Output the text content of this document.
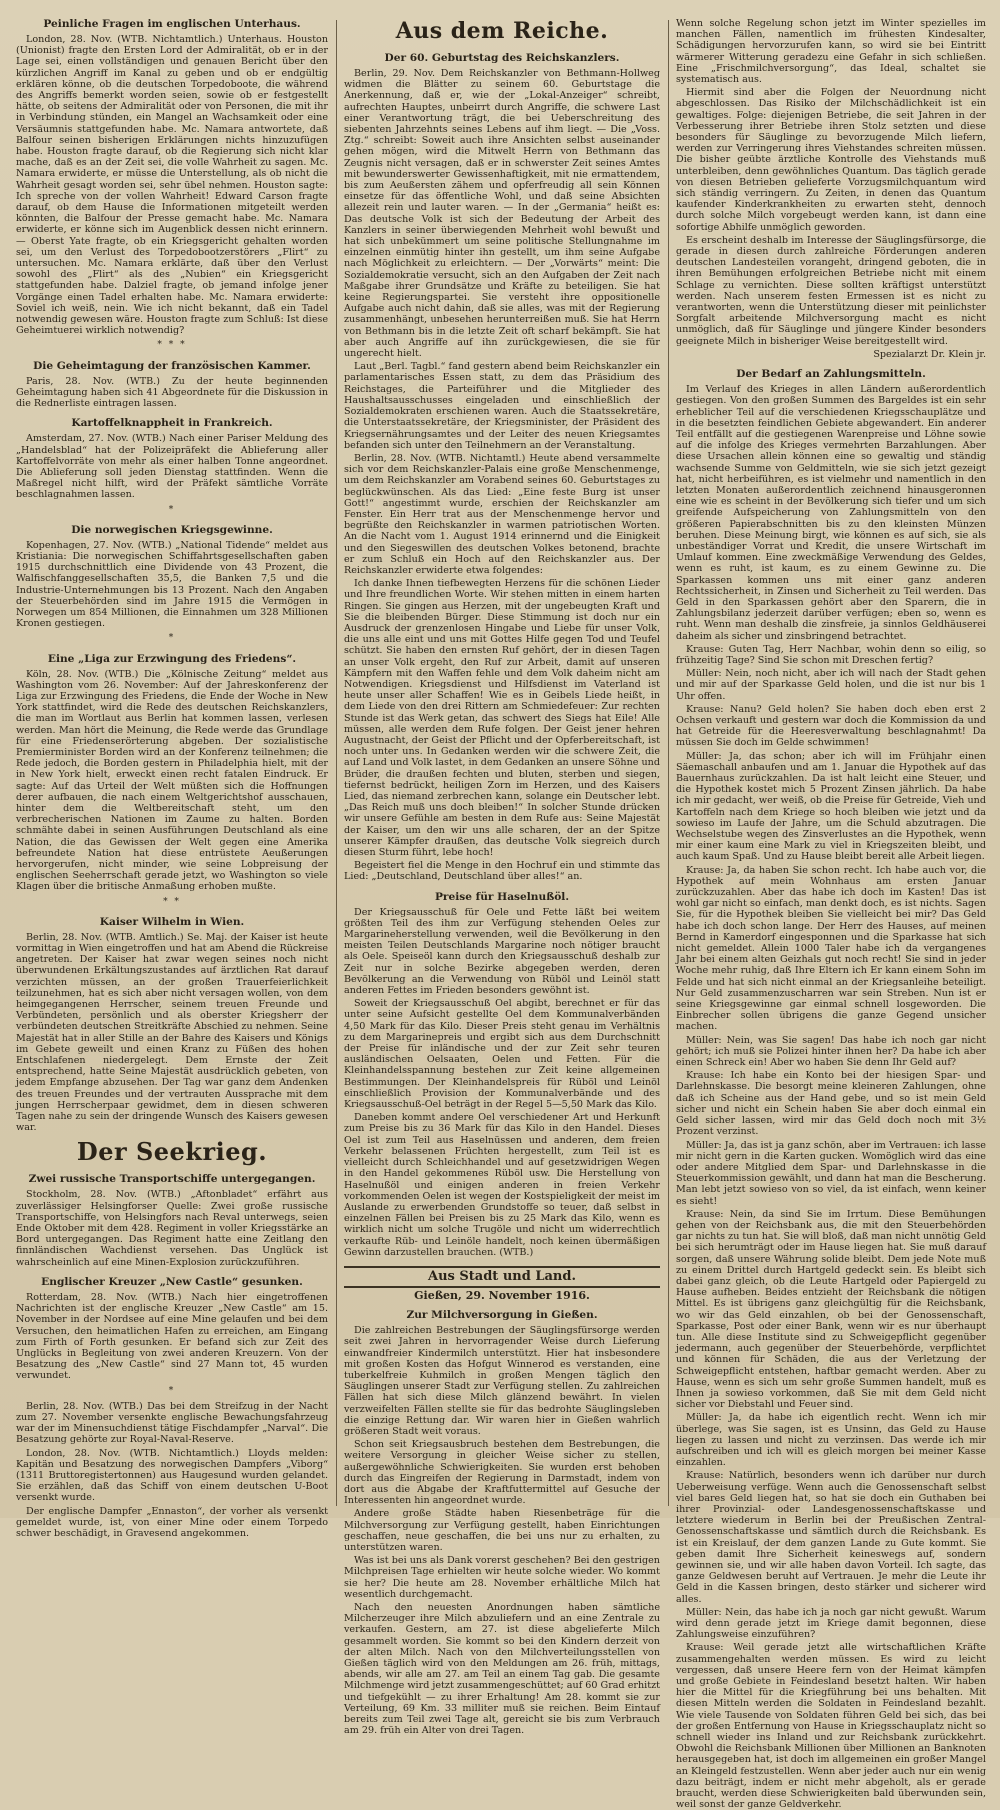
Peinliche Fragen im englischen Unterhaus.

London, 28. Nov. (WTB. Nichtamtlich.) Unterhaus. Houston (Unionist) fragte den Ersten Lord der Admiralität, ob er in der Lage sei, einen vollständigen und genauen Bericht über den kürzlichen Angriff im Kanal zu geben und ob er endgültig erklären könne, ob die deutschen Torpedoboote, die während des Angriffs bemerkt worden seien, sowie ob er festgestellt hätte, ob seitens der Admiralität oder von Personen, die mit ihr in Verbindung stünden, ein Mangel an Wachsamkeit oder eine Versäumnis stattgefunden habe. Mc. Namara antwortete, daß Balfour seinen bisherigen Erklärungen nichts hinzuzufügen habe. Houston fragte darauf, ob die Regierung sich nicht klar mache, daß es an der Zeit sei, die volle Wahrheit zu sagen. Mc. Namara erwiderte, er müsse die Unterstellung, als ob nicht die Wahrheit gesagt worden sei, sehr übel nehmen. Houston sagte: Ich spreche von der vollen Wahrheit! Edward Carson fragte darauf, ob dem Hause die Informationen mitgeteilt werden könnten, die Balfour der Presse gemacht habe. Mc. Namara erwiderte, er könne sich im Augenblick dessen nicht erinnern. — Oberst Yate fragte, ob ein Kriegsgericht gehalten worden sei, um den Verlust des Torpedobootzerstörers „Flirt“ zu untersuchen. Mc. Namara erklärte, daß über den Verlust sowohl des „Flirt“ als des „Nubien“ ein Kriegsgericht stattgefunden habe. Dalziel fragte, ob jemand infolge jener Vorgänge einen Tadel erhalten habe. Mc. Namara erwiderte: Soviel ich weiß, nein. Wie ich nicht bekannt, daß ein Tadel notwendig gewesen wäre. Houston fragte zum Schluß: Ist diese Geheimtuerei wirklich notwendig?

* * *
Die Geheimtagung der französischen Kammer.

Paris, 28. Nov. (WTB.) Zu der heute beginnenden Geheimtagung haben sich 41 Abgeordnete für die Diskussion in die Rednerliste eintragen lassen.

Kartoffelknappheit in Frankreich.

Amsterdam, 27. Nov. (WTB.) Nach einer Pariser Meldung des „Handelsblad“ hat der Polizeipräfekt die Ablieferung aller Kartoffelvorräte von mehr als einer halben Tonne angeordnet. Die Ablieferung soll jeden Dienstag stattfinden. Wenn die Maßregel nicht hilft, wird der Präfekt sämtliche Vorräte beschlagnahmen lassen.

*
Die norwegischen Kriegsgewinne.

Kopenhagen, 27. Nov. (WTB.) „National Tidende“ meldet aus Kristiania: Die norwegischen Schiffahrtsgesellschaften gaben 1915 durchschnittlich eine Dividende von 43 Prozent, die Walfischfanggesellschaften 35,5, die Banken 7,5 und die Industrie-Unternehmungen bis 13 Prozent. Nach den Angaben der Steuerbehörden sind im Jahre 1915 die Vermögen in Norwegen um 854 Millionen, die Einnahmen um 328 Millionen Kronen gestiegen.

*
Eine „Liga zur Erzwingung des Friedens“.

Köln, 28. Nov. (WTB.) Die „Kölnische Zeitung“ meldet aus Washington vom 26. November: Auf der Jahreskonferenz der Liga zur Erzwingung des Friedens, die Ende der Woche in New York stattfindet, wird die Rede des deutschen Reichskanzlers, die man im Wortlaut aus Berlin hat kommen lassen, verlesen werden. Man hört die Meinung, die Rede werde das Grundlage für eine Friedenserörterung abgeben. Der sozialistische Premierminister Borden wird an der Konferenz teilnehmen; die Rede jedoch, die Borden gestern in Philadelphia hielt, mit der in New York hielt, erweckt einen recht fatalen Eindruck. Er sagte: Auf das Urteil der Welt müßten sich die Hoffnungen derer aufbauen, die nach einem Weltgerichtshof ausschauen, hinter dem die Weltbereitschaft steht, um den verbrecherischen Nationen im Zaume zu halten. Borden schmähte dabei in seinen Ausführungen Deutschland als eine Nation, die das Gewissen der Welt gegen eine Amerika befreundete Nation hat diese entrüstete Aeußerungen hervorgerufen, nicht minder, wie seine Lobpreisung der englischen Seeherrschaft gerade jetzt, wo Washington so viele Klagen über die britische Anmaßung erhoben mußte.

* *
Kaiser Wilhelm in Wien.

Berlin, 28. Nov. (WTB. Amtlich.) Se. Maj. der Kaiser ist heute vormittag in Wien eingetroffen und hat am Abend die Rückreise angetreten. Der Kaiser hat zwar wegen seines noch nicht überwundenen Erkältungszustandes auf ärztlichen Rat darauf verzichten müssen, an der großen Trauerfeierlichkeit teilzunehmen, hat es sich aber nicht versagen wollen, von dem heimgegangenen Herrscher, seinem treuen Freunde und Verbündeten, persönlich und als oberster Kriegsherr der verbündeten deutschen Streitkräfte Abschied zu nehmen. Seine Majestät hat in aller Stille an der Bahre des Kaisers und Königs im Gebete geweilt und einen Kranz zu Füßen des hohen Entschlafenen niedergelegt. Dem Ernste der Zeit entsprechend, hatte Seine Majestät ausdrücklich gebeten, von jedem Empfange abzusehen. Der Tag war ganz dem Andenken des treuen Freundes und der vertrauten Aussprache mit dem jungen Herrscherpaar gewidmet, dem in diesen schweren Tagen nahe zu sein der dringende Wunsch des Kaisers gewesen war.

Der Seekrieg.
Zwei russische Transportschiffe untergegangen.

Stockholm, 28. Nov. (WTB.) „Aftonbladet“ erfährt aus zuverlässiger Helsingforser Quelle: Zwei große russische Transportschiffe, von Helsingfors nach Reval unterwegs, seien Ende Oktober mit dem 428. Regiment in voller Kriegsstärke an Bord untergegangen. Das Regiment hatte eine Zeitlang den finnländischen Wachdienst versehen. Das Unglück ist wahrscheinlich auf eine Minen-Explosion zurückzuführen.

Englischer Kreuzer „New Castle“ gesunken.

Rotterdam, 28. Nov. (WTB.) Nach hier eingetroffenen Nachrichten ist der englische Kreuzer „New Castle“ am 15. November in der Nordsee auf eine Mine gelaufen und bei dem Versuchen, den heimatlichen Hafen zu erreichen, am Eingang zum Firth of Forth gesunken. Er befand sich zur Zeit des Unglücks in Begleitung von zwei anderen Kreuzern. Von der Besatzung des „New Castle“ sind 27 Mann tot, 45 wurden verwundet.

*

Berlin, 28. Nov. (WTB.) Das bei dem Streifzug in der Nacht zum 27. November versenkte englische Bewachungsfahrzeug war der im Minensuchdienst tätige Fischdampfer „Narval“. Die Besatzung gehörte zur Royal-Naval-Reserve.

London, 28. Nov. (WTB. Nichtamtlich.) Lloyds melden: Kapitän und Besatzung des norwegischen Dampfers „Viborg“ (1311 Bruttoregistertonnen) aus Haugesund wurden gelandet. Sie erzählen, daß das Schiff von einem deutschen U-Boot versenkt wurde.

Der englische Dampfer „Ennaston“, der vorher als versenkt gemeldet wurde, ist, von einer Mine oder einem Torpedo schwer beschädigt, in Gravesend angekommen.

Aus dem Reiche.
Der 60. Geburtstag des Reichskanzlers.

Berlin, 29. Nov. Dem Reichskanzler von Bethmann-Hollweg widmen die Blätter zu seinem 60. Geburtstage die Anerkennung, daß er, wie der „Lokal-Anzeiger“ schreibt, aufrechten Hauptes, unbeirrt durch Angriffe, die schwere Last einer Verantwortung trägt, die bei Ueberschreitung des siebenten Jahrzehnts seines Lebens auf ihm liegt. — Die „Voss. Ztg.“ schreibt: Soweit auch ihre Ansichten selbst auseinander gehen mögen, wird die Mitwelt Herrn von Bethmann das Zeugnis nicht versagen, daß er in schwerster Zeit seines Amtes mit bewunderswerter Gewissenhaftigkeit, mit nie ermattendem, bis zum Aeußersten zähem und opferfreudig all sein Können einsetze für das öffentliche Wohl, und daß seine Absichten allezeit rein und lauter waren. — In der „Germania“ heißt es: Das deutsche Volk ist sich der Bedeutung der Arbeit des Kanzlers in seiner überwiegenden Mehrheit wohl bewußt und hat sich unbekümmert um seine politische Stellungnahme im einzelnen einmütig hinter ihn gestellt, um ihm seine Aufgabe nach Möglichkeit zu erleichtern. — Der „Vorwärts“ meint: Die Sozialdemokratie versucht, sich an den Aufgaben der Zeit nach Maßgabe ihrer Grundsätze und Kräfte zu beteiligen. Sie hat keine Regierungspartei. Sie versteht ihre oppositionelle Aufgabe auch nicht dahin, daß sie alles, was mit der Regierung zusammenhängt, unbesehen herunterreißen muß. Sie hat Herrn von Bethmann bis in die letzte Zeit oft scharf bekämpft. Sie hat aber auch Angriffe auf ihn zurückgewiesen, die sie für ungerecht hielt.

Laut „Berl. Tagbl.“ fand gestern abend beim Reichskanzler ein parlamentarisches Essen statt, zu dem das Präsidium des Reichstages, die Parteiführer und die Mitglieder des Haushaltsausschusses eingeladen und einschließlich der Sozialdemokraten erschienen waren. Auch die Staatssekretäre, die Unterstaatssekretäre, der Kriegsminister, der Präsident des Kriegsernährungsamtes und der Leiter des neuen Kriegsamtes befanden sich unter den Teilnehmern an der Veranstaltung.

Berlin, 28. Nov. (WTB. Nichtamtl.) Heute abend versammelte sich vor dem Reichskanzler-Palais eine große Menschenmenge, um dem Reichskanzler am Vorabend seines 60. Geburtstages zu beglückwünschen. Als das Lied: „Eine feste Burg ist unser Gott!“ angestimmt wurde, erschien der Reichskanzler am Fenster. Ein Herr trat aus der Menschenmenge hervor und begrüßte den Reichskanzler in warmen patriotischen Worten. An die Nacht vom 1. August 1914 erinnernd und die Einigkeit und den Siegeswillen des deutschen Volkes betonend, brachte er zum Schluß ein Hoch auf den Reichskanzler aus. Der Reichskanzler erwiderte etwa folgendes:

Ich danke Ihnen tiefbewegten Herzens für die schönen Lieder und Ihre freundlichen Worte. Wir stehen mitten in einem harten Ringen. Sie gingen aus Herzen, mit der ungebeugten Kraft und Sie die bleibenden Bürger. Diese Stimmung ist doch nur ein Ausdruck der grenzenlosen Hingabe und Liebe für unser Volk, die uns alle eint und uns mit Gottes Hilfe gegen Tod und Teufel schützt. Sie haben den ernsten Ruf gehört, der in diesen Tagen an unser Volk ergeht, den Ruf zur Arbeit, damit auf unseren Kämpfern mit den Waffen fehle und dem Volk daheim nicht am Notwendigen. Kriegsdienst und Hilfsdienst im Vaterland ist heute unser aller Schaffen! Wie es in Geibels Liede heißt, in dem Liede von den drei Rittern am Schmiedefeuer: Zur rechten Stunde ist das Werk getan, das schwert des Siegs hat Eile! Alle müssen, alle werden dem Rufe folgen. Der Geist jener hehren Augustnacht, der Geist der Pflicht und der Opferbereitschaft, ist noch unter uns. In Gedanken werden wir die schwere Zeit, die auf Land und Volk lastet, in dem Gedanken an unsere Söhne und Brüder, die draußen fechten und bluten, sterben und siegen, tiefernst bedrückt, heiligen Zorn im Herzen, und des Kaisers Lied, das niemand zerbrechen kann, solange ein Deutscher lebt. „Das Reich muß uns doch bleiben!“ In solcher Stunde drücken wir unsere Gefühle am besten in dem Rufe aus: Seine Majestät der Kaiser, um den wir uns alle scharen, der an der Spitze unserer Kämpfer draußen, das deutsche Volk siegreich durch diesen Sturm führt, lebe hoch!

Begeistert fiel die Menge in den Hochruf ein und stimmte das Lied: „Deutschland, Deutschland über alles!“ an.

Preise für Haselnußöl.

Der Kriegsausschuß für Oele und Fette läßt bei weitem größten Teil des ihm zur Verfügung stehenden Oeles zur Margarineherstellung verwenden, weil die Bevölkerung in den meisten Teilen Deutschlands Margarine noch nötiger braucht als Oele. Speiseöl kann durch den Kriegsausschuß deshalb zur Zeit nur in solche Bezirke abgegeben werden, deren Bevölkerung an die Verwendung von Rüböl und Leinöl statt anderen Fettes im Frieden besonders gewöhnt ist.

Soweit der Kriegsausschuß Oel abgibt, berechnet er für das unter seine Aufsicht gestellte Oel dem Kommunalverbänden 4,50 Mark für das Kilo. Dieser Preis steht genau im Verhältnis zu dem Margarinepreis und ergibt sich aus dem Durchschnitt der Preise für inländische und der zur Zeit sehr teuren ausländischen Oelsaaten, Oelen und Fetten. Für die Kleinhandelsspannung bestehen zur Zeit keine allgemeinen Bestimmungen. Der Kleinhandelspreis für Rüböl und Leinöl einschließlich Provision der Kommunalverbände und des Kriegsausschuß-Oel beträgt in der Regel 5—5,50 Mark das Kilo.

Daneben kommt andere Oel verschiedener Art und Herkunft zum Preise bis zu 36 Mark für das Kilo in den Handel. Dieses Oel ist zum Teil aus Haselnüssen und anderen, dem freien Verkehr belassenen Früchten hergestellt, zum Teil ist es vielleicht durch Schleichhandel und auf gesetzwidrigen Wegen in den Handel gekommenes Rüböl usw. Die Herstellung von Haselnußöl und einigen anderen in freien Verkehr vorkommenden Oelen ist wegen der Kostspieligkeit der meist im Auslande zu erwerbenden Grundstoffe so teuer, daß selbst in einzelnen Fällen bei Preisen bis zu 25 Mark das Kilo, wenn es wirklich nicht um solche Trugöle und nicht um widerrechtlich verkaufte Rüb- und Leinöle handelt, noch keinen übermäßigen Gewinn darzustellen brauchen. (WTB.)

Aus Stadt und Land.
Gießen, 29. November 1916.
Zur Milchversorgung in Gießen.

Die zahlreichen Bestrebungen der Säuglingsfürsorge werden seit zwei Jahren in hervorragender Weise durch Lieferung einwandfreier Kindermilch unterstützt. Hier hat insbesondere mit großen Kosten das Hofgut Winnerod es verstanden, eine tuberkelfreie Kuhmilch in großen Mengen täglich den Säuglingen unserer Stadt zur Verfügung stellen. Zu zahlreichen Fällen hat sich diese Milch glänzend bewährt. In vielen verzweifelten Fällen stellte sie für das bedrohte Säuglingsleben die einzige Rettung dar. Wir waren hier in Gießen wahrlich größeren Stadt weit voraus.

Schon seit Kriegsausbruch bestehen dem Bestrebungen, die weitere Versorgung in gleicher Weise sicher zu stellen, außergewöhnliche Schwierigkeiten. Sie wurden erst behoben durch das Eingreifen der Regierung in Darmstadt, indem von dort aus die Abgabe der Kraftfuttermittel auf Gesuche der Interessenten hin angeordnet wurde.

Andere große Städte haben Riesenbeträge für die Milchversorgung zur Verfügung gestellt, haben Einrichtungen geschaffen, neue geschaffen, die bei uns nur zu erhalten, zu unterstützen waren.

Was ist bei uns als Dank vorerst geschehen? Bei den gestrigen Milchpreisen Tage erhielten wir heute solche wieder. Wo kommt sie her? Die heute am 28. November erhältliche Milch hat wesentlich durchgemacht.

Nach den neuesten Anordnungen haben sämtliche Milcherzeuger ihre Milch abzuliefern und an eine Zentrale zu verkaufen. Gestern, am 27. ist diese abgelieferte Milch gesammelt worden. Sie kommt so bei den Kindern derzeit von der alten Milch. Nach von den Milchverteilungsstellen von Gießen täglich wird von den Meldungen am 26. früh, mittags, abends, wir alle am 27. am Teil an einem Tag gab. Die gesamte Milchmenge wird jetzt zusammengeschüttet; auf 60 Grad erhitzt und tiefgekühlt — zu ihrer Erhaltung! Am 28. kommt sie zur Verteilung, 69 Km. 33 milliter muß sie reichen. Beim Eintauf bereits zum Teil zwei Tage alt, gereicht sie bis zum Verbrauch am 29. früh ein Alter von drei Tagen.

Wenn solche Regelung schon jetzt im Winter spezielles im manchen Fällen, namentlich im frühesten Kindesalter, Schädigungen hervorzurufen kann, so wird sie bei Eintritt wärmerer Witterung geradezu eine Gefahr in sich schließen. Eine „Frischmilchversorgung“, das Ideal, schaltet sie systematisch aus.

Hiermit sind aber die Folgen der Neuordnung nicht abgeschlossen. Das Risiko der Milchschädlichkeit ist ein gewaltiges. Folge: diejenigen Betriebe, die seit Jahren in der Verbesserung ihrer Betriebe ihren Stolz setzten und diese besonders für Säuglinge zu bevorzugende Milch liefern, werden zur Verringerung ihres Viehstandes schreiten müssen. Die bisher geübte ärztliche Kontrolle des Viehstands muß unterbleiben, denn gewöhnliches Quantum. Das täglich gerade von diesen Betrieben gelieferte Vorzugsmilchquantum wird sich ständig verringern. Zu Zeiten, in denen das Quantum kaufender Kinderkrankheiten zu erwarten steht, dennoch durch solche Milch vorgebeugt werden kann, ist dann eine sofortige Abhilfe unmöglich geworden.

Es erscheint deshalb im Interesse der Säuglingsfürsorge, die gerade in diesen durch zahlreiche Förderungen anderen deutschen Landesteilen vorangeht, dringend geboten, die in ihren Bemühungen erfolgreichen Betriebe nicht mit einem Schlage zu vernichten. Diese sollten kräftigst unterstützt werden. Nach unserem festen Ermessen ist es nicht zu verantworten, wenn die Unterstützung dieser mit peinlichster Sorgfalt arbeitende Milchversorgung macht es nicht unmöglich, daß für Säuglinge und jüngere Kinder besonders geeignete Milch in bisheriger Weise bereitgestellt wird.

Spezialarzt Dr. Klein jr.
Der Bedarf an Zahlungsmitteln.

Im Verlauf des Krieges in allen Ländern außerordentlich gestiegen. Von den großen Summen des Bargeldes ist ein sehr erheblicher Teil auf die verschiedenen Kriegsschauplätze und in die besetzten feindlichen Gebiete abgewandert. Ein anderer Teil entfällt auf die gestiegenen Warenpreise und Löhne sowie auf die infolge des Krieges vermehrten Barzahlungen. Aber diese Ursachen allein können eine so gewaltig und ständig wachsende Summe von Geldmitteln, wie sie sich jetzt gezeigt hat, nicht herbeiführen, es ist vielmehr und namentlich in den letzten Monaten außerordentlich zeichnend hinausgeronnen eine wie es scheint in der Bevölkerung sich tiefer und um sich greifende Aufspeicherung von Zahlungsmitteln von den größeren Papierabschnitten bis zu den kleinsten Münzen beruhen. Diese Meinung birgt, wie können es auf sich, sie als unbeständiger Vorrat und Kredit, die unsere Wirtschaft im Umlauf kommen. Eine zweckmäßige Verwendung des Geldes, wenn es ruht, ist kaum, es zu einem Gewinne zu. Die Sparkassen kommen uns mit einer ganz anderen Rechtssicherheit, in Zinsen und Sicherheit zu Teil werden. Das Geld in den Sparkassen gehört aber den Sparern, die in Zahlungsbilanz jederzeit darüber verfügen; eben so, wenn es ruht. Wenn man deshalb die zinsfreie, ja sinnlos Geldhäuserei daheim als sicher und zinsbringend betrachtet.

Krause: Guten Tag, Herr Nachbar, wohin denn so eilig, so frühzeitig Tage? Sind Sie schon mit Dreschen fertig?

Müller: Nein, noch nicht, aber ich will nach der Stadt gehen und mir auf der Sparkasse Geld holen, und die ist nur bis 1 Uhr offen.

Krause: Nanu? Geld holen? Sie haben doch eben erst 2 Ochsen verkauft und gestern war doch die Kommission da und hat Getreide für die Heeresverwaltung beschlagnahmt! Da müssen Sie doch im Gelde schwimmen!

Müller: Ja, das schon; aber ich will im Frühjahr einen Säemaschall anbaufen und am 1. Januar die Hypothek auf das Bauernhaus zurückzahlen. Da ist halt leicht eine Steuer, und die Hypothek kostet mich 5 Prozent Zinsen jährlich. Da habe ich mir gedacht, wer weiß, ob die Preise für Getreide, Vieh und Kartoffeln nach dem Kriege so hoch bleiben wie jetzt und da sowieso im Laufe der Jahre, um die Schuld abzutragen. Die Wechselstube wegen des Zinsverlustes an die Hypothek, wenn mir einer kaum eine Mark zu viel in Kriegszeiten bleibt, und auch kaum Spaß. Und zu Hause bleibt bereit alle Arbeit liegen.

Krause: Ja, da haben Sie schon recht. Ich habe auch vor, die Hypothek auf mein Wohnhaus am ersten Januar zurückzuzahlen. Aber das habe ich doch im Kasten! Das ist wohl gar nicht so einfach, man denkt doch, es ist nichts. Sagen Sie, für die Hypothek bleiben Sie vielleicht bei mir? Das Geld habe ich doch schon lange. Der Herr des Hauses, auf meinen Bernd in Kamerdorf eingesponnen und die Sparkasse hat sich nicht gemeldet. Allein 1000 Taler habe ich da vergangenes Jahr bei einem alten Geizhals gut noch recht! Sie sind in jeder Woche mehr ruhig, daß Ihre Eltern ich Er kann einem Sohn im Felde und hat sich nicht einmal an der Kriegsanleihe beteiligt. Nur Geld zusammenzuscharren war sein Streben. Nun ist er seine Kriegsgewinne gar einmal schnell losgeworden. Die Einbrecher sollen übrigens die ganze Gegend unsicher machen.

Müller: Nein, was Sie sagen! Das habe ich noch gar nicht gehört; ich muß sie Polizei hinter ihnen her? Da habe ich aber einen Schreck ein! Aber wo haben Sie denn Ihr Geld auf?

Krause: Ich habe ein Konto bei der hiesigen Spar- und Darlehnskasse. Die besorgt meine kleineren Zahlungen, ohne daß ich Scheine aus der Hand gebe, und so ist mein Geld sicher und nicht ein Schein haben Sie aber doch einmal ein Geld sicher lassen, wird mir das Geld doch noch mit 3½ Prozent verzinst.

Müller: Ja, das ist ja ganz schön, aber im Vertrauen: ich lasse mir nicht gern in die Karten gucken. Womöglich wird das eine oder andere Mitglied dem Spar- und Darlehnskasse in die Steuerkommission gewählt, und dann hat man die Bescherung. Man lebt jetzt sowieso von so viel, da ist einfach, wenn keiner es sieht!

Krause: Nein, da sind Sie im Irrtum. Diese Bemühungen gehen von der Reichsbank aus, die mit den Steuerbehörden gar nichts zu tun hat. Sie will bloß, daß man nicht unnötig Geld bei sich herumträgt oder im Hause liegen hat. Sie muß darauf sorgen, daß unsere Währung solide bleibt. Dem jede Note muß zu einem Drittel durch Hartgeld gedeckt sein. Es bleibt sich dabei ganz gleich, ob die Leute Hartgeld oder Papiergeld zu Hause aufheben. Beides entzieht der Reichsbank die nötigen Mittel. Es ist übrigens ganz gleichgültig für die Reichsbank, wo wir das Geld einzahlen, ob bei der Genossenschaft, Sparkasse, Post oder einer Bank, wenn wir es nur überhaupt tun. Alle diese Institute sind zu Schweigepflicht gegenüber jedermann, auch gegenüber der Steuerbehörde, verpflichtet und können für Schäden, die aus der Verletzung der Schweigepflicht entstehen, haftbar gemacht werden. Aber zu Hause, wenn es sich um sehr große Summen handelt, muß es Ihnen ja sowieso vorkommen, daß Sie mit dem Geld nicht sicher vor Diebstahl und Feuer sind.

Müller: Ja, da habe ich eigentlich recht. Wenn ich mir überlege, was Sie sagen, ist es Unsinn, das Geld zu Hause liegen zu lassen und nicht zu verzinsen. Das werde ich mir aufschreiben und ich will es gleich morgen bei meiner Kasse einzahlen.

Krause: Natürlich, besonders wenn ich darüber nur durch Ueberweisung verfüge. Wenn auch die Genossenschaft selbst viel bares Geld liegen hat, so hat sie doch ein Guthaben bei ihrer Provinzial- oder Landesgenossenschaftskasse und letztere wiederum in Berlin bei der Preußischen Zentral-Genossenschaftskasse und sämtlich durch die Reichsbank. Es ist ein Kreislauf, der dem ganzen Lande zu Gute kommt. Sie geben damit Ihre Sicherheit keineswegs auf, sondern gewinnen sie, und wir alle haben davon Vorteil. Ich sagte, das ganze Geldwesen beruht auf Vertrauen. Je mehr die Leute ihr Geld in die Kassen bringen, desto stärker und sicherer wird alles.

Müller: Nein, das habe ich ja noch gar nicht gewußt. Warum wird denn gerade jetzt im Kriege damit begonnen, diese Zahlungsweise einzuführen?

Krause: Weil gerade jetzt alle wirtschaftlichen Kräfte zusammengehalten werden müssen. Es wird zu leicht vergessen, daß unsere Heere fern von der Heimat kämpfen und große Gebiete in Feindesland besetzt halten. Wir haben hier die Mittel für die Kriegführung bei uns behalten. Mit diesen Mitteln werden die Soldaten in Feindesland bezahlt. Wie viele Tausende von Soldaten führen Geld bei sich, das bei der großen Entfernung von Hause in Kriegsschauplatz nicht so schnell wieder ins Inland und zur Reichsbank zurückkehrt. Obwohl die Reichsbank Millionen über Millionen an Banknoten herausgegeben hat, ist doch im allgemeinen ein großer Mangel an Kleingeld festzustellen. Wenn aber jeder auch nur ein wenig dazu beiträgt, indem er nicht mehr abgeholt, als er gerade braucht, werden diese Schwierigkeiten bald überwunden sein, weil sonst der ganze Geldverkehr.
